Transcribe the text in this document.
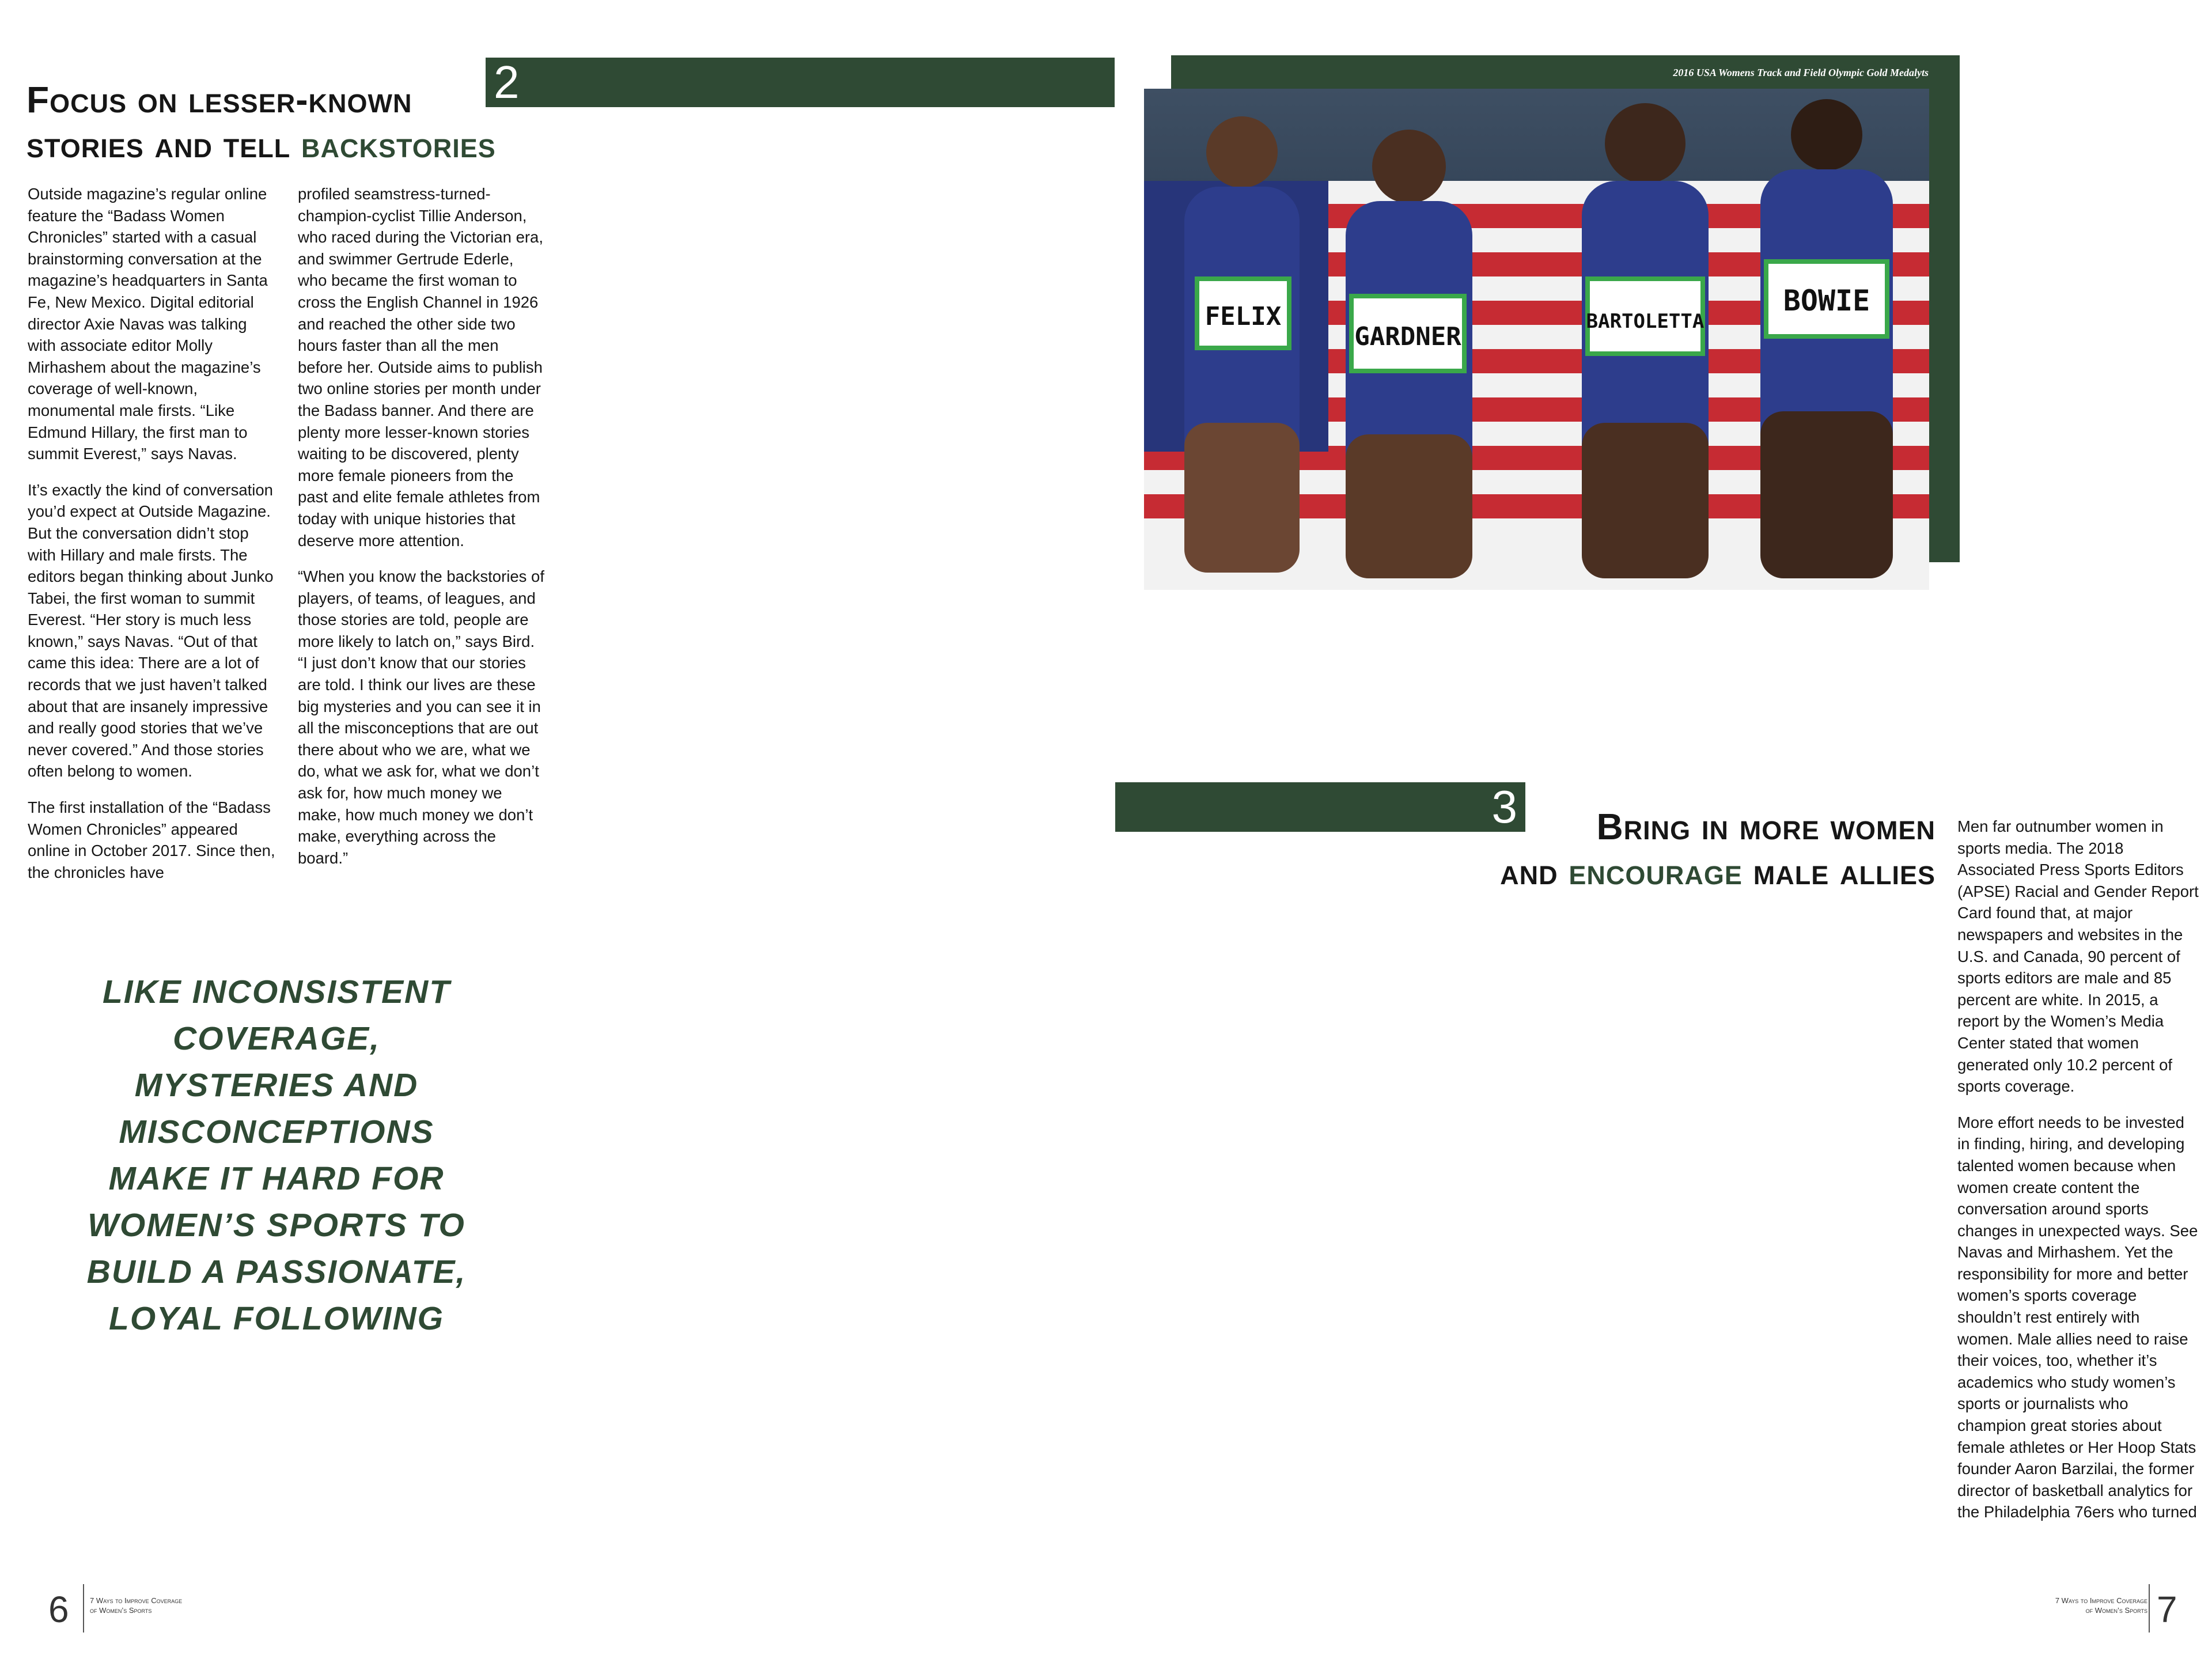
2
Focus on lesser-known
stories and tell backstories

Outside magazine’s regular online feature the “Badass Women Chronicles” started with a casual brainstorming conversation at the magazine’s headquarters in Santa Fe, New Mexico. Digital editorial director Axie Navas was talking with associate editor Molly Mirhashem about the magazine’s coverage of well-known, monumental male firsts. “Like Edmund Hillary, the first man to summit Everest,” says Navas.

It’s exactly the kind of conversation you’d expect at Outside Magazine. But the conversation didn’t stop with Hillary and male firsts. The editors began thinking about Junko Tabei, the first woman to summit Everest. “Her story is much less known,” says Navas. “Out of that came this idea: There are a lot of records that we just haven’t talked about that are insanely impressive and really good stories that we’ve never covered.” And those stories often belong to women.

The first installation of the “Badass Women Chronicles” appeared online in October 2017. Since then, the chronicles have

profiled seamstress-turned-champion-cyclist Tillie Anderson, who raced during the Victorian era, and swimmer Gertrude Ederle, who became the first woman to cross the English Channel in 1926 and reached the other side two hours faster than all the men before her. Outside aims to publish two online stories per month under the Badass banner. And there are plenty more lesser-known stories waiting to be discovered, plenty more female pioneers from the past and elite female athletes from today with unique histories that deserve more attention.

“When you know the backstories of players, of teams, of leagues, and those stories are told, people are more likely to latch on,” says Bird. “I just don’t know that our stories are told. I think our lives are these big mysteries and you can see it in all the misconceptions that are out there about who we are, what we do, what we ask for, what we don’t ask for, how much money we make, how much money we don’t make, everything across the board.”

LIKE INCONSISTENT COVERAGE, MYSTERIES AND MISCONCEPTIONS MAKE IT HARD FOR WOMEN’S SPORTS TO BUILD A PASSIONATE, LOYAL FOLLOWING
6	7 Ways to Improve Coverage
of Women’s Sports
2016 USA Womens Track and Field Olympic Gold Medalyts
FELIX
GARDNER
BARTOLETTA
BOWIE
3	Bring in more women
and encourage male allies

Men far outnumber women in sports media. The 2018 Associated Press Sports Editors (APSE) Racial and Gender Report Card found that, at major newspapers and websites in the U.S. and Canada, 90 percent of sports editors are male and 85 percent are white. In 2015, a report by the Women’s Media Center stated that women generated only 10.2 percent of sports coverage.

More effort needs to be invested in finding, hiring, and developing talented women because when women create content the conversation around sports changes in unexpected ways. See Navas and Mirhashem. Yet the responsibility for more and better women’s sports coverage shouldn’t rest entirely with women. Male allies need to raise their voices, too, whether it’s academics who study women’s sports or journalists who champion great stories about female athletes or Her Hoop Stats founder Aaron Barzilai, the former director of basketball analytics for the Philadelphia 76ers who turned

7 Ways to Improve Coverage
of Women’s Sports 7
